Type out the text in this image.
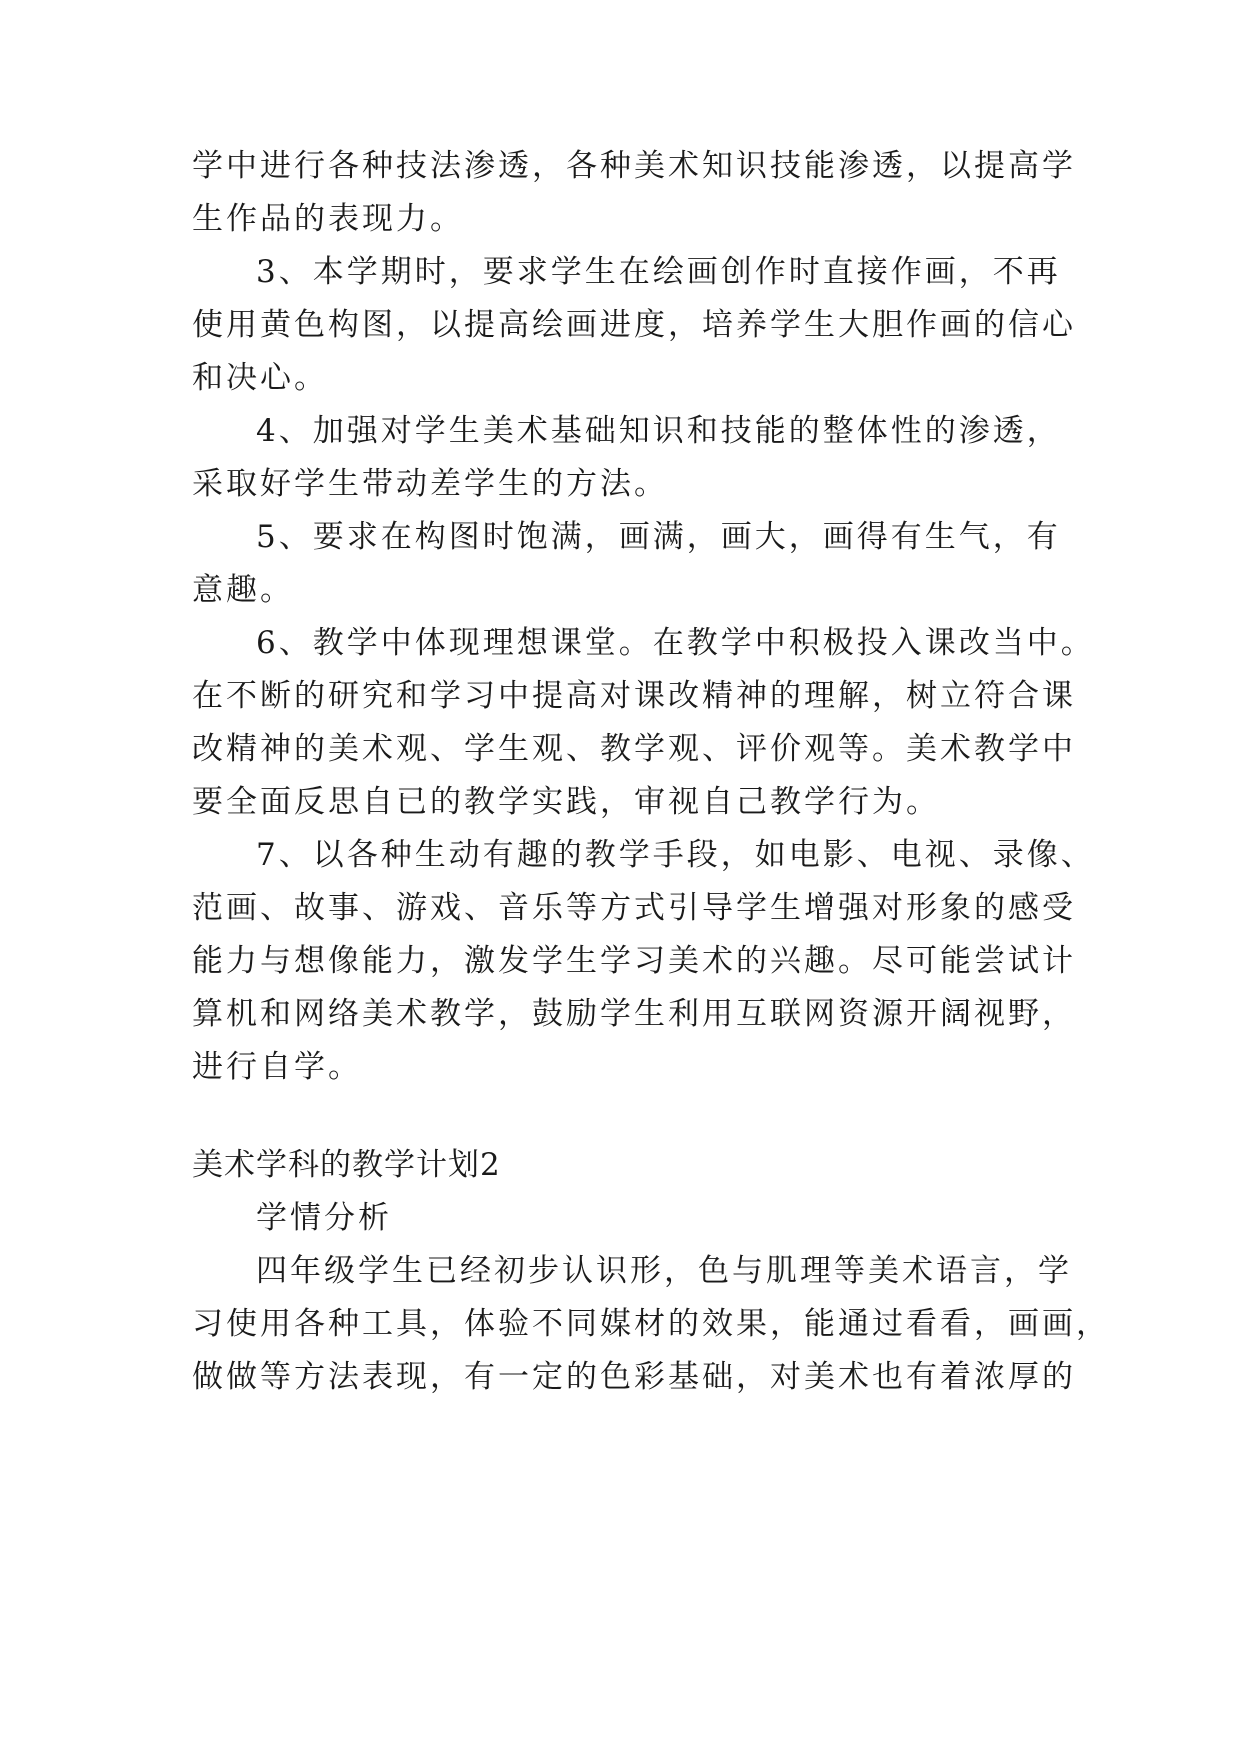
学中进行各种技法渗透，各种美术知识技能渗透，以提高学
生作品的表现力。
3、本学期时，要求学生在绘画创作时直接作画，不再
使用黄色构图，以提高绘画进度，培养学生大胆作画的信心
和决心。
4、加强对学生美术基础知识和技能的整体性的渗透，
采取好学生带动差学生的方法。
5、要求在构图时饱满，画满，画大，画得有生气，有
意趣。
6、教学中体现理想课堂。在教学中积极投入课改当中。
在不断的研究和学习中提高对课改精神的理解，树立符合课
改精神的美术观、学生观、教学观、评价观等。美术教学中
要全面反思自已的教学实践，审视自己教学行为。
7、以各种生动有趣的教学手段，如电影、电视、录像、
范画、故事、游戏、音乐等方式引导学生增强对形象的感受
能力与想像能力，激发学生学习美术的兴趣。尽可能尝试计
算机和网络美术教学，鼓励学生利用互联网资源开阔视野，
进行自学。
美术学科的教学计划2
学情分析
四年级学生已经初步认识形，色与肌理等美术语言，学
习使用各种工具，体验不同媒材的效果，能通过看看，画画，
做做等方法表现，有一定的色彩基础，对美术也有着浓厚的
